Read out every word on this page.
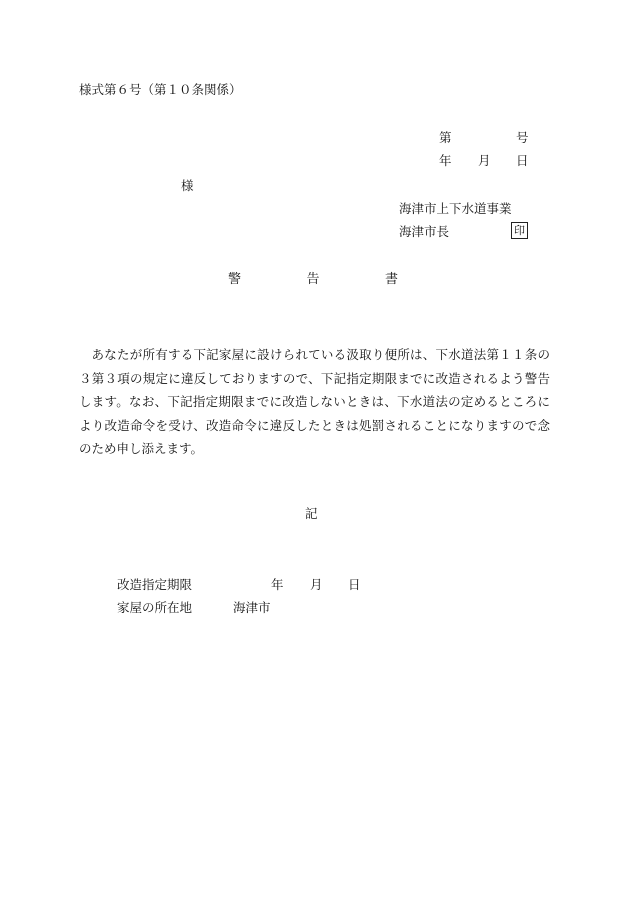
様式第６号（第１０条関係）
第	号
年 月 日
様
海津市上下水道事業
海津市長	印
警	告	書
あなたが所有する下記家屋に設けられている汲取り便所は、下水道法第１１条の３第３項の規定に違反しておりますので、下記指定期限までに改造されるよう警告します。なお、下記指定期限までに改造しないときは、下水道法の定めるところにより改造命令を受け、改造命令に違反したときは処罰されることになりますので念のため申し添えます。
記
改造指定期限	年 月 日
家屋の所在地	海津市
